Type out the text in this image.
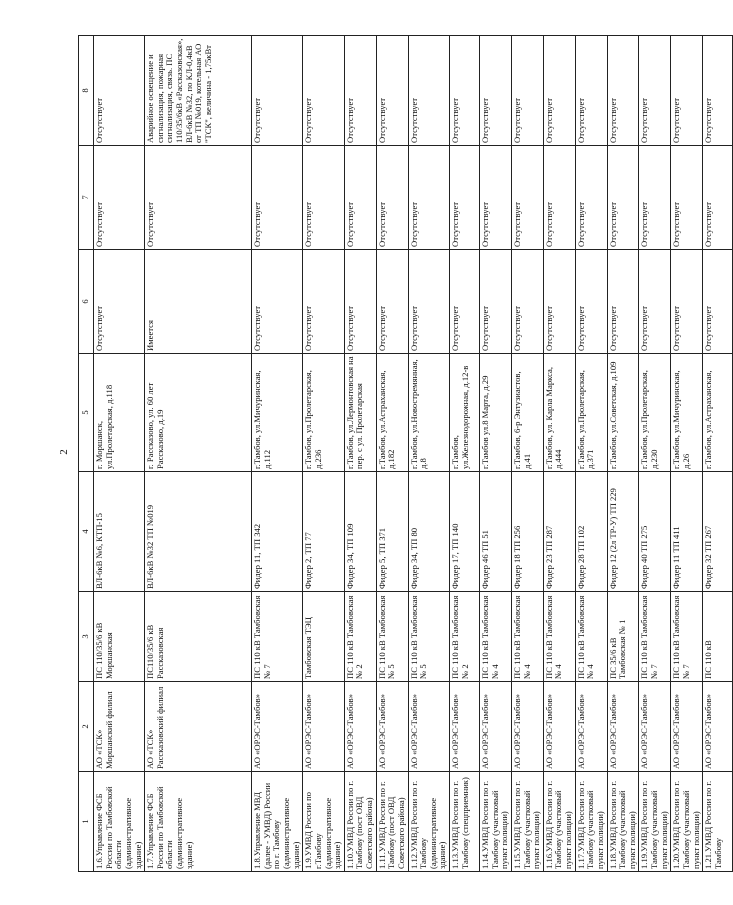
2
1	2	3	4	5	6	7	8
1.6.Управление ФСБ России по Тамбовской области (административное здание)	АО «ТСК» Моршанский филиал	ПС 110/35/6 кВ Моршанская	ВЛ-6кВ №6, КТП-15	г. Моршанск, ул.Пролетарская, д.118	Отсутствует	Отсутствует	Отсутствует
1.7.Управление ФСБ России по Тамбовской области (административное здание)	АО «ТСК» Рассказовский филиал	ПС110/35/6 кВ Рассказовская	ВЛ-6кВ №32 ТП №019	г. Рассказово, ул. 60 лет Рассказово, д.19	Имеется	Отсутствует	Аварийное освещение и сигнализация, пожарная сигнализация, связь. ПС 110/35/6кВ «Рассказовская», ВЛ-6кВ №32, по КЛ-0,4кВ от ТП №019, котельная АО "ТСК", величина - 1,75кВт
1.8.Управление МВД (далее - УМВД) России по г. Тамбову (административное здание)	АО «ОРЭС-Тамбов»	ПС 110 кВ Тамбовская № 7	Фидер 11, ТП 342	г.Тамбов, ул.Мичуринская, д.112	Отсутствует	Отсутствует	Отсутствует
1.9.УМВД России по г.Тамбову (административное здание)	АО «ОРЭС-Тамбов»	Тамбовская ТЭЦ	Фидер 2, ТП 77	г.Тамбов, ул.Пролетарская, д.236	Отсутствует	Отсутствует	Отсутствует
1.10.УМВД России по г. Тамбову (пост ОВД Советского района)	АО «ОРЭС-Тамбов»	ПС 110 кВ Тамбовская № 2	Фидер 34, ТП 109	г.Тамбов, ул.Лермонтовская на пер. с ул. Пролетарская	Отсутствует	Отсутствует	Отсутствует
1.11.УМВД России по г. Тамбову (пост ОВД Советского района)	АО «ОРЭС-Тамбов»	ПС 110 кВ Тамбовская № 5	Фидер 5, ТП 371	г.Тамбов, ул.Астраханская, д.182	Отсутствует	Отсутствует	Отсутствует
1.12.УМВД России по г. Тамбову (административное здание)	АО «ОРЭС-Тамбов»	ПС 110 кВ Тамбовская № 5	Фидер 34, ТП 80	г.Тамбов, ул.Новостремянная, д.8	Отсутствует	Отсутствует	Отсутствует
1.13.УМВД России по г. Тамбову (спецприемник)	АО «ОРЭС-Тамбов»	ПС 110 кВ Тамбовская № 2	Фидер 17, ТП 140	г.Тамбов, ул.Железнодорожная, д.12-в	Отсутствует	Отсутствует	Отсутствует
1.14.УМВД России по г. Тамбову (участковый пункт полиции)	АО «ОРЭС-Тамбов»	ПС 110 кВ Тамбовская № 4	Фидер 46 ТП 51	г.Тамбов ул.8 Марта, д.29	Отсутствует	Отсутствует	Отсутствует
1.15.УМВД России по г. Тамбову (участковый пункт полиции)	АО «ОРЭС-Тамбов»	ПС 110 кВ Тамбовская № 4	Фидер 18 ТП 256	г.Тамбов, 6-р Энтузиастов, д.41	Отсутствует	Отсутствует	Отсутствует
1.16.УМВД России по г. Тамбову (участковый пункт полиции)	АО «ОРЭС-Тамбов»	ПС 110 кВ Тамбовская № 4	Фидер 23 ТП 287	г.Тамбов, ул. Карла Маркса, д.444	Отсутствует	Отсутствует	Отсутствует
1.17.УМВД России по г. Тамбову (участковый пункт полиции)	АО «ОРЭС-Тамбов»	ПС 110 кВ Тамбовская № 4	Фидер 28 ТП 102	г.Тамбов, ул.Пролетарская, д.371	Отсутствует	Отсутствует	Отсутствует
1.18.УМВД России по г. Тамбову (участковый пункт полиции)	АО «ОРЭС-Тамбов»	ПС 35/6 кВ Тамбовская № 1	Фидер 12 (2л ТР-У) ТП 229	г.Тамбов, ул.Советская, д.109	Отсутствует	Отсутствует	Отсутствует
1.19.УМВД России по г. Тамбову (участковый пункт полиции)	АО «ОРЭС-Тамбов»	ПС 110 кВ Тамбовская № 7	Фидер 40 ТП 275	г.Тамбов, ул.Пролетарская, д.230	Отсутствует	Отсутствует	Отсутствует
1.20.УМВД России по г. Тамбову (участковый пункт полиции)	АО «ОРЭС-Тамбов»	ПС 110 кВ Тамбовская № 7	Фидер 11 ТП 411	г.Тамбов, ул.Мичуринская, д.26	Отсутствует	Отсутствует	Отсутствует
1.21.УМВД России по г. Тамбову	АО «ОРЭС-Тамбов»	ПС 110 кВ	Фидер 32 ТП 267	г.Тамбов, ул.Астраханская,	Отсутствует	Отсутствует	Отсутствует
